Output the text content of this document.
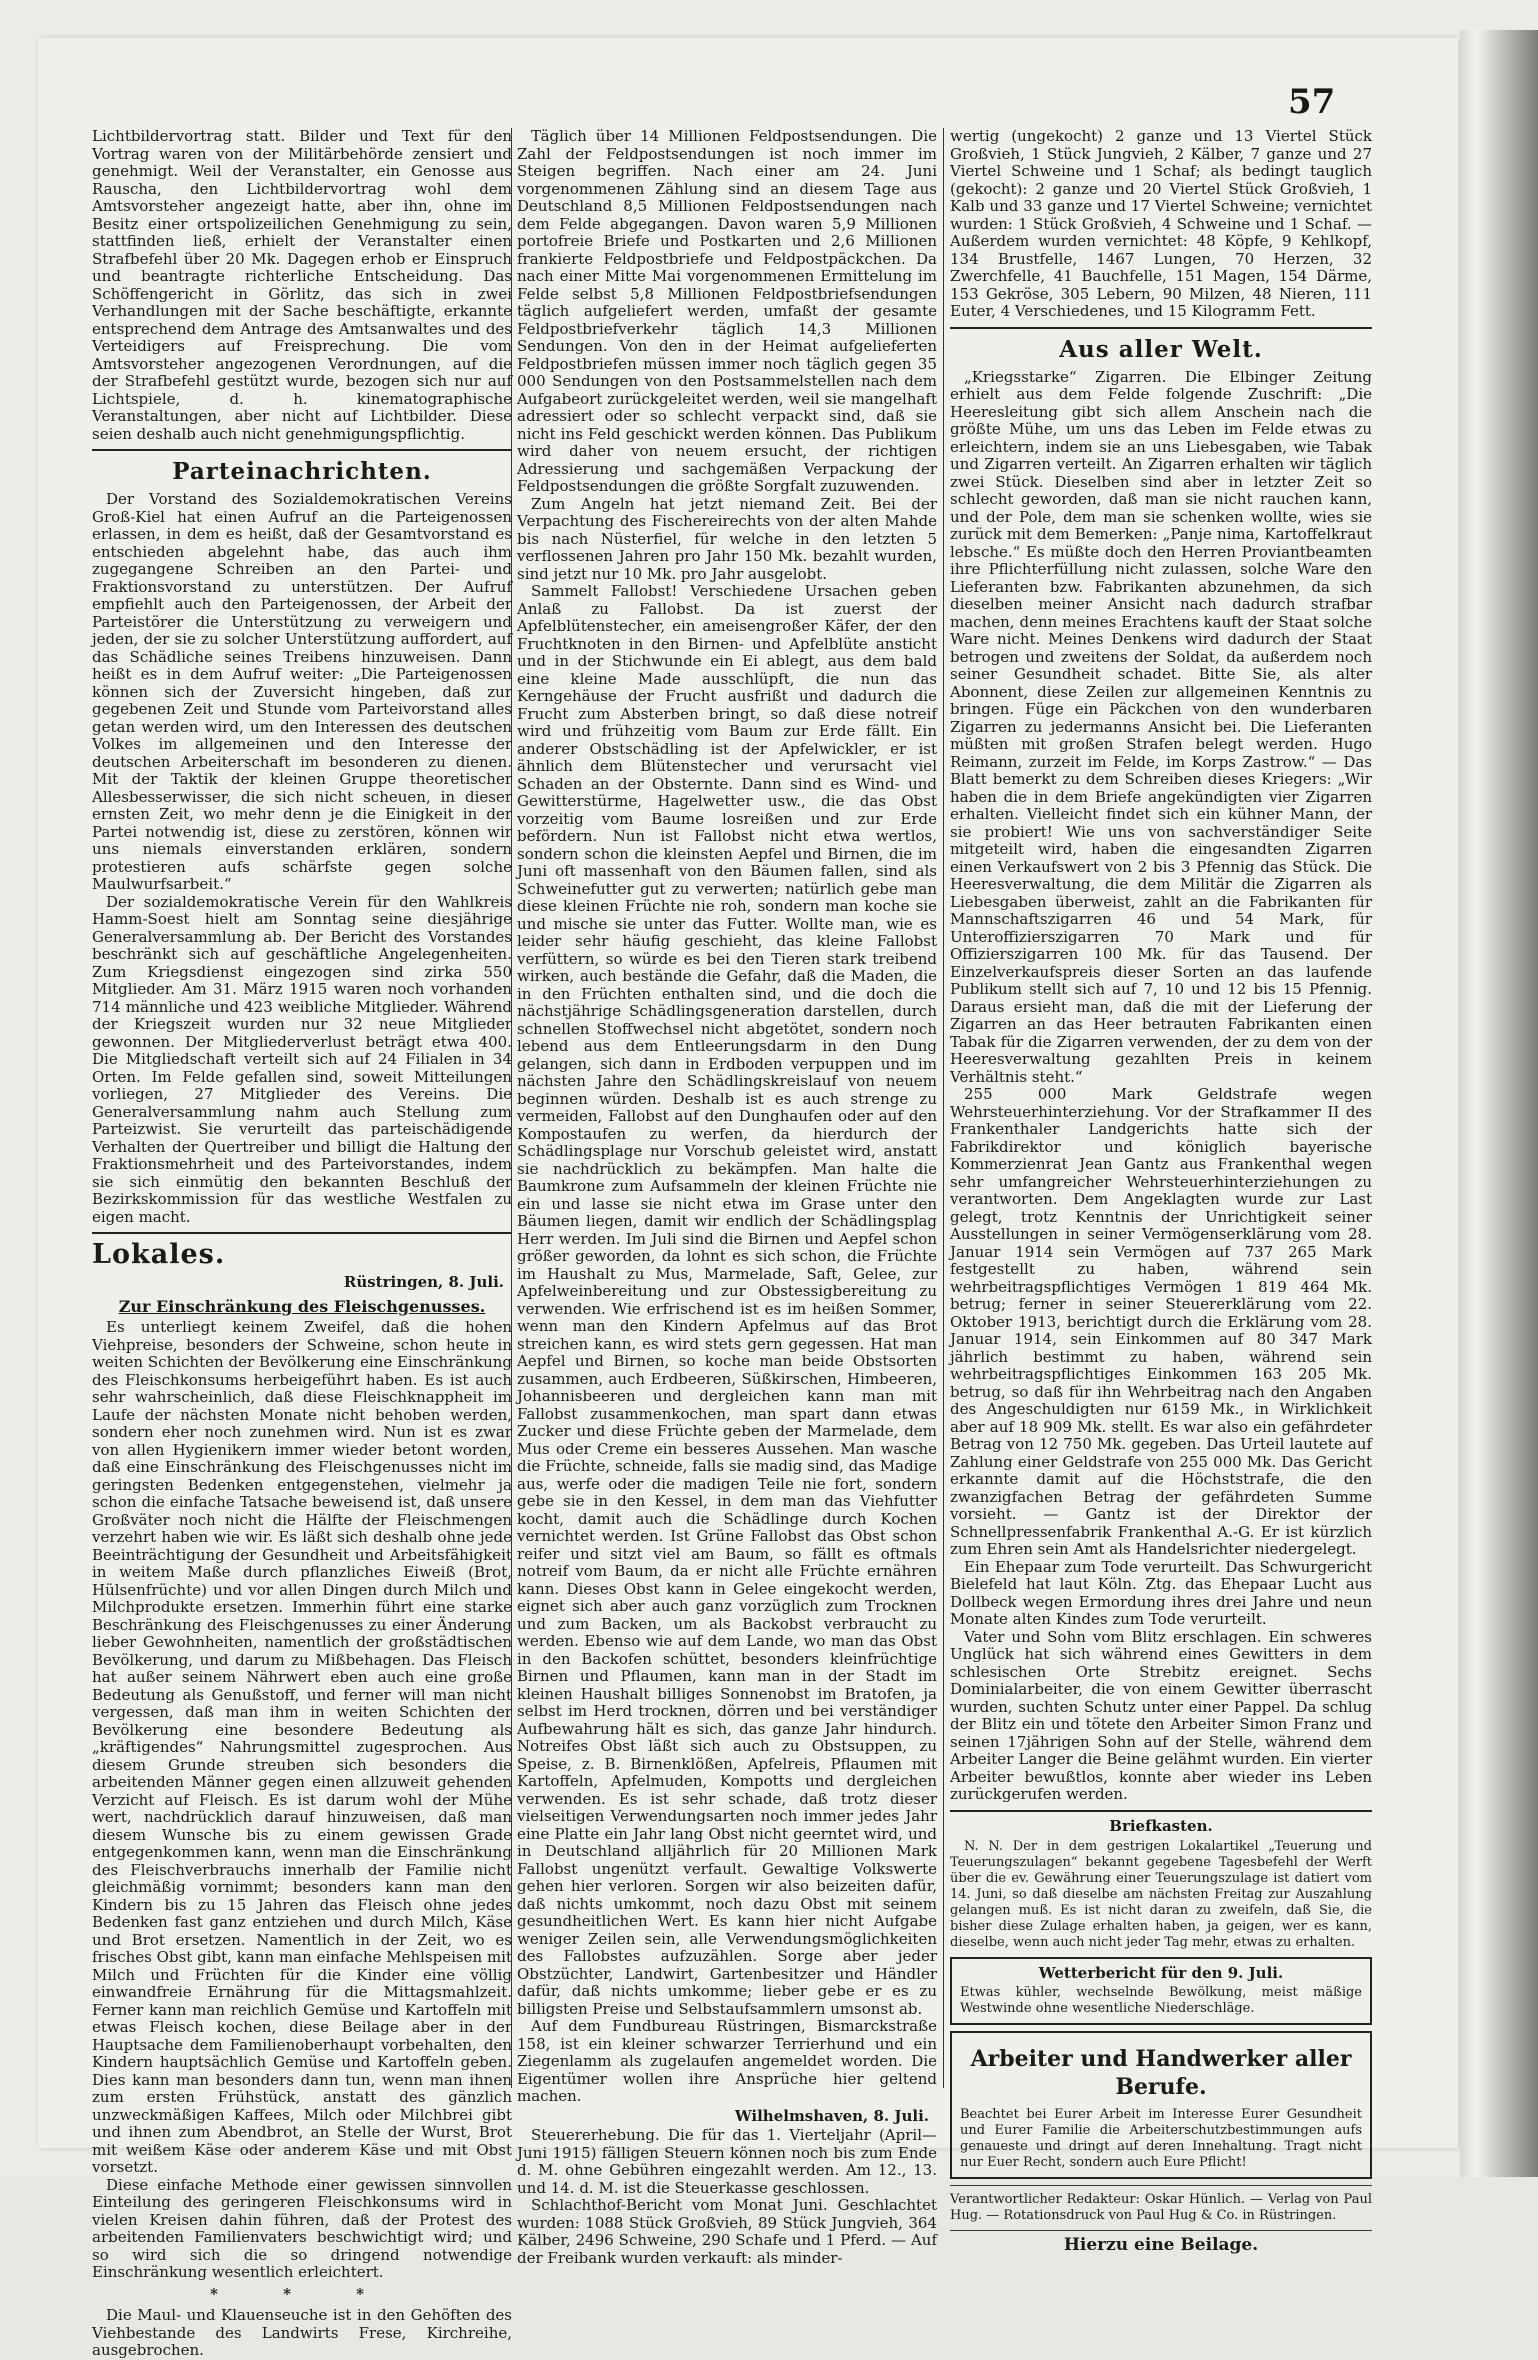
57

Lichtbildervortrag statt. Bilder und Text für den Vortrag waren von der Militärbehörde zensiert und genehmigt. Weil der Veranstalter, ein Genosse aus Rauscha, den Lichtbildervortrag wohl dem Amtsvorsteher angezeigt hatte, aber ihn, ohne im Besitz einer ortspolizeilichen Genehmigung zu sein, stattfinden ließ, erhielt der Veranstalter einen Strafbefehl über 20 Mk. Dagegen erhob er Einspruch und beantragte richterliche Entscheidung. Das Schöffengericht in Görlitz, das sich in zwei Verhandlungen mit der Sache beschäftigte, erkannte entsprechend dem Antrage des Amtsanwaltes und des Verteidigers auf Freisprechung. Die vom Amtsvorsteher angezogenen Verordnungen, auf die der Strafbefehl gestützt wurde, bezogen sich nur auf Lichtspiele, d. h. kinematographische Veranstaltungen, aber nicht auf Lichtbilder. Diese seien deshalb auch nicht genehmigungspflichtig.

Parteinachrichten.

Der Vorstand des Sozialdemokratischen Vereins Groß-Kiel hat einen Aufruf an die Parteigenossen erlassen, in dem es heißt, daß der Gesamtvorstand es entschieden abgelehnt habe, das auch ihm zugegangene Schreiben an den Partei- und Fraktionsvorstand zu unterstützen. Der Aufruf empfiehlt auch den Parteigenossen, der Arbeit der Parteistörer die Unterstützung zu verweigern und jeden, der sie zu solcher Unterstützung auffordert, auf das Schädliche seines Treibens hinzuweisen. Dann heißt es in dem Aufruf weiter: „Die Parteigenossen können sich der Zuversicht hingeben, daß zur gegebenen Zeit und Stunde vom Parteivorstand alles getan werden wird, um den Interessen des deutschen Volkes im allgemeinen und den Interesse der deutschen Arbeiterschaft im besonderen zu dienen. Mit der Taktik der kleinen Gruppe theoretischer Allesbesserwisser, die sich nicht scheuen, in dieser ernsten Zeit, wo mehr denn je die Einigkeit in der Partei notwendig ist, diese zu zerstören, können wir uns niemals einverstanden erklären, sondern protestieren aufs schärfste gegen solche Maulwurfsarbeit.“

Der sozialdemokratische Verein für den Wahlkreis Hamm-Soest hielt am Sonntag seine diesjährige Generalversammlung ab. Der Bericht des Vorstandes beschränkt sich auf geschäftliche Angelegenheiten. Zum Kriegsdienst eingezogen sind zirka 550 Mitglieder. Am 31. März 1915 waren noch vorhanden 714 männliche und 423 weibliche Mitglieder. Während der Kriegszeit wurden nur 32 neue Mitglieder gewonnen. Der Mitgliederverlust beträgt etwa 400. Die Mitgliedschaft verteilt sich auf 24 Filialen in 34 Orten. Im Felde gefallen sind, soweit Mitteilungen vorliegen, 27 Mitglieder des Vereins. Die Generalversammlung nahm auch Stellung zum Parteizwist. Sie verurteilt das parteischädigende Verhalten der Quertreiber und billigt die Haltung der Fraktionsmehrheit und des Parteivorstandes, indem sie sich einmütig den bekannten Beschluß der Bezirkskommission für das westliche Westfalen zu eigen macht.

Lokales.
Rüstringen, 8. Juli.
Zur Einschränkung des Fleischgenusses.

Es unterliegt keinem Zweifel, daß die hohen Viehpreise, besonders der Schweine, schon heute in weiten Schichten der Bevölkerung eine Einschränkung des Fleischkonsums herbeigeführt haben. Es ist auch sehr wahrscheinlich, daß diese Fleischknappheit im Laufe der nächsten Monate nicht behoben werden, sondern eher noch zunehmen wird. Nun ist es zwar von allen Hygienikern immer wieder betont worden, daß eine Einschränkung des Fleischgenusses nicht im geringsten Bedenken entgegenstehen, vielmehr ja schon die einfache Tatsache beweisend ist, daß unsere Großväter noch nicht die Hälfte der Fleischmengen verzehrt haben wie wir. Es läßt sich deshalb ohne jede Beeinträchtigung der Gesundheit und Arbeitsfähigkeit in weitem Maße durch pflanzliches Eiweiß (Brot, Hülsenfrüchte) und vor allen Dingen durch Milch und Milchprodukte ersetzen. Immerhin führt eine starke Beschränkung des Fleischgenusses zu einer Änderung lieber Gewohnheiten, namentlich der großstädtischen Bevölkerung, und darum zu Mißbehagen. Das Fleisch hat außer seinem Nährwert eben auch eine große Bedeutung als Genußstoff, und ferner will man nicht vergessen, daß man ihm in weiten Schichten der Bevölkerung eine besondere Bedeutung als „kräftigendes“ Nahrungsmittel zugesprochen. Aus diesem Grunde streuben sich besonders die arbeitenden Männer gegen einen allzuweit gehenden Verzicht auf Fleisch. Es ist darum wohl der Mühe wert, nachdrücklich darauf hinzuweisen, daß man diesem Wunsche bis zu einem gewissen Grade entgegenkommen kann, wenn man die Einschränkung des Fleischverbrauchs innerhalb der Familie nicht gleichmäßig vornimmt; besonders kann man den Kindern bis zu 15 Jahren das Fleisch ohne jedes Bedenken fast ganz entziehen und durch Milch, Käse und Brot ersetzen. Namentlich in der Zeit, wo es frisches Obst gibt, kann man einfache Mehlspeisen mit Milch und Früchten für die Kinder eine völlig einwandfreie Ernährung für die Mittagsmahlzeit. Ferner kann man reichlich Gemüse und Kartoffeln mit etwas Fleisch kochen, diese Beilage aber in der Hauptsache dem Familienoberhaupt vorbehalten, den Kindern hauptsächlich Gemüse und Kartoffeln geben. Dies kann man besonders dann tun, wenn man ihnen zum ersten Frühstück, anstatt des gänzlich unzweckmäßigen Kaffees, Milch oder Milchbrei gibt und ihnen zum Abendbrot, an Stelle der Wurst, Brot mit weißem Käse oder anderem Käse und mit Obst vorsetzt.

Diese einfache Methode einer gewissen sinnvollen Einteilung des geringeren Fleischkonsums wird in vielen Kreisen dahin führen, daß der Protest des arbeitenden Familienvaters beschwichtigt wird; und so wird sich die so dringend notwendige Einschränkung wesentlich erleichtert.

* * *

Die Maul- und Klauenseuche ist in den Gehöften des Viehbestande des Landwirts Frese, Kirchreihe, ausgebrochen.

Täglich über 14 Millionen Feldpostsendungen. Die Zahl der Feldpostsendungen ist noch immer im Steigen begriffen. Nach einer am 24. Juni vorgenommenen Zählung sind an diesem Tage aus Deutschland 8,5 Millionen Feldpostsendungen nach dem Felde abgegangen. Davon waren 5,9 Millionen portofreie Briefe und Postkarten und 2,6 Millionen frankierte Feldpostbriefe und Feldpostpäckchen. Da nach einer Mitte Mai vorgenommenen Ermittelung im Felde selbst 5,8 Millionen Feldpostbriefsendungen täglich aufgeliefert werden, umfaßt der gesamte Feldpostbriefverkehr täglich 14,3 Millionen Sendungen. Von den in der Heimat aufgelieferten Feldpostbriefen müssen immer noch täglich gegen 35 000 Sendungen von den Postsammelstellen nach dem Aufgabeort zurückgeleitet werden, weil sie mangelhaft adressiert oder so schlecht verpackt sind, daß sie nicht ins Feld geschickt werden können. Das Publikum wird daher von neuem ersucht, der richtigen Adressierung und sachgemäßen Verpackung der Feldpostsendungen die größte Sorgfalt zuzuwenden.

Zum Angeln hat jetzt niemand Zeit. Bei der Verpachtung des Fischereirechts von der alten Mahde bis nach Nüsterfiel, für welche in den letzten 5 verflossenen Jahren pro Jahr 150 Mk. bezahlt wurden, sind jetzt nur 10 Mk. pro Jahr ausgelobt.

Sammelt Fallobst! Verschiedene Ursachen geben Anlaß zu Fallobst. Da ist zuerst der Apfelblütenstecher, ein ameisengroßer Käfer, der den Fruchtknoten in den Birnen- und Apfelblüte ansticht und in der Stichwunde ein Ei ablegt, aus dem bald eine kleine Made ausschlüpft, die nun das Kerngehäuse der Frucht ausfrißt und dadurch die Frucht zum Absterben bringt, so daß diese notreif wird und frühzeitig vom Baum zur Erde fällt. Ein anderer Obstschädling ist der Apfelwickler, er ist ähnlich dem Blütenstecher und verursacht viel Schaden an der Obsternte. Dann sind es Wind- und Gewitterstürme, Hagelwetter usw., die das Obst vorzeitig vom Baume losreißen und zur Erde befördern. Nun ist Fallobst nicht etwa wertlos, sondern schon die kleinsten Aepfel und Birnen, die im Juni oft massenhaft von den Bäumen fallen, sind als Schweinefutter gut zu verwerten; natürlich gebe man diese kleinen Früchte nie roh, sondern man koche sie und mische sie unter das Futter. Wollte man, wie es leider sehr häufig geschieht, das kleine Fallobst verfüttern, so würde es bei den Tieren stark treibend wirken, auch bestände die Gefahr, daß die Maden, die in den Früchten enthalten sind, und die doch die nächstjährige Schädlingsgeneration darstellen, durch schnellen Stoffwechsel nicht abgetötet, sondern noch lebend aus dem Entleerungsdarm in den Dung gelangen, sich dann in Erdboden verpuppen und im nächsten Jahre den Schädlingskreislauf von neuem beginnen würden. Deshalb ist es auch strenge zu vermeiden, Fallobst auf den Dunghaufen oder auf den Kompostaufen zu werfen, da hierdurch der Schädlingsplage nur Vorschub geleistet wird, anstatt sie nachdrücklich zu bekämpfen. Man halte die Baumkrone zum Aufsammeln der kleinen Früchte nie ein und lasse sie nicht etwa im Grase unter den Bäumen liegen, damit wir endlich der Schädlingsplag Herr werden. Im Juli sind die Birnen und Aepfel schon größer geworden, da lohnt es sich schon, die Früchte im Haushalt zu Mus, Marmelade, Saft, Gelee, zur Apfelweinbereitung und zur Obstessigbereitung zu verwenden. Wie erfrischend ist es im heißen Sommer, wenn man den Kindern Apfelmus auf das Brot streichen kann, es wird stets gern gegessen. Hat man Aepfel und Birnen, so koche man beide Obstsorten zusammen, auch Erdbeeren, Süßkirschen, Himbeeren, Johannisbeeren und dergleichen kann man mit Fallobst zusammenkochen, man spart dann etwas Zucker und diese Früchte geben der Marmelade, dem Mus oder Creme ein besseres Aussehen. Man wasche die Früchte, schneide, falls sie madig sind, das Madige aus, werfe oder die madigen Teile nie fort, sondern gebe sie in den Kessel, in dem man das Viehfutter kocht, damit auch die Schädlinge durch Kochen vernichtet werden. Ist Grüne Fallobst das Obst schon reifer und sitzt viel am Baum, so fällt es oftmals notreif vom Baum, da er nicht alle Früchte ernähren kann. Dieses Obst kann in Gelee eingekocht werden, eignet sich aber auch ganz vorzüglich zum Trocknen und zum Backen, um als Backobst verbraucht zu werden. Ebenso wie auf dem Lande, wo man das Obst in den Backofen schüttet, besonders kleinfrüchtige Birnen und Pflaumen, kann man in der Stadt im kleinen Haushalt billiges Sonnenobst im Bratofen, ja selbst im Herd trocknen, dörren und bei verständiger Aufbewahrung hält es sich, das ganze Jahr hindurch. Notreifes Obst läßt sich auch zu Obstsuppen, zu Speise, z. B. Birnenklößen, Apfelreis, Pflaumen mit Kartoffeln, Apfelmuden, Kompotts und dergleichen verwenden. Es ist sehr schade, daß trotz dieser vielseitigen Verwendungsarten noch immer jedes Jahr eine Platte ein Jahr lang Obst nicht geerntet wird, und in Deutschland alljährlich für 20 Millionen Mark Fallobst ungenützt verfault. Gewaltige Volkswerte gehen hier verloren. Sorgen wir also beizeiten dafür, daß nichts umkommt, noch dazu Obst mit seinem gesundheitlichen Wert. Es kann hier nicht Aufgabe weniger Zeilen sein, alle Verwendungsmöglichkeiten des Fallobstes aufzuzählen. Sorge aber jeder Obstzüchter, Landwirt, Gartenbesitzer und Händler dafür, daß nichts umkomme; lieber gebe er es zu billigsten Preise und Selbstaufsammlern umsonst ab.

Auf dem Fundbureau Rüstringen, Bismarckstraße 158, ist ein kleiner schwarzer Terrierhund und ein Ziegenlamm als zugelaufen angemeldet worden. Die Eigentümer wollen ihre Ansprüche hier geltend machen.

Wilhelmshaven, 8. Juli.

Steuererhebung. Die für das 1. Vierteljahr (April—Juni 1915) fälligen Steuern können noch bis zum Ende d. M. ohne Gebühren eingezahlt werden. Am 12., 13. und 14. d. M. ist die Steuerkasse geschlossen.

Schlachthof-Bericht vom Monat Juni. Geschlachtet wurden: 1088 Stück Großvieh, 89 Stück Jungvieh, 364 Kälber, 2496 Schweine, 290 Schafe und 1 Pferd. — Auf der Freibank wurden verkauft: als minder-

wertig (ungekocht) 2 ganze und 13 Viertel Stück Großvieh, 1 Stück Jungvieh, 2 Kälber, 7 ganze und 27 Viertel Schweine und 1 Schaf; als bedingt tauglich (gekocht): 2 ganze und 20 Viertel Stück Großvieh, 1 Kalb und 33 ganze und 17 Viertel Schweine; vernichtet wurden: 1 Stück Großvieh, 4 Schweine und 1 Schaf. — Außerdem wurden vernichtet: 48 Köpfe, 9 Kehlkopf, 134 Brustfelle, 1467 Lungen, 70 Herzen, 32 Zwerchfelle, 41 Bauchfelle, 151 Magen, 154 Därme, 153 Gekröse, 305 Lebern, 90 Milzen, 48 Nieren, 111 Euter, 4 Verschiedenes, und 15 Kilogramm Fett.

Aus aller Welt.

„Kriegsstarke“ Zigarren. Die Elbinger Zeitung erhielt aus dem Felde folgende Zuschrift: „Die Heeresleitung gibt sich allem Anschein nach die größte Mühe, um uns das Leben im Felde etwas zu erleichtern, indem sie an uns Liebesgaben, wie Tabak und Zigarren verteilt. An Zigarren erhalten wir täglich zwei Stück. Dieselben sind aber in letzter Zeit so schlecht geworden, daß man sie nicht rauchen kann, und der Pole, dem man sie schenken wollte, wies sie zurück mit dem Bemerken: „Panje nima, Kartoffelkraut lebsche.“ Es müßte doch den Herren Proviantbeamten ihre Pflichterfüllung nicht zulassen, solche Ware den Lieferanten bzw. Fabrikanten abzunehmen, da sich dieselben meiner Ansicht nach dadurch strafbar machen, denn meines Erachtens kauft der Staat solche Ware nicht. Meines Denkens wird dadurch der Staat betrogen und zweitens der Soldat, da außerdem noch seiner Gesundheit schadet. Bitte Sie, als alter Abonnent, diese Zeilen zur allgemeinen Kenntnis zu bringen. Füge ein Päckchen von den wunderbaren Zigarren zu jedermanns Ansicht bei. Die Lieferanten müßten mit großen Strafen belegt werden. Hugo Reimann, zurzeit im Felde, im Korps Zastrow.“ — Das Blatt bemerkt zu dem Schreiben dieses Kriegers: „Wir haben die in dem Briefe angekündigten vier Zigarren erhalten. Vielleicht findet sich ein kühner Mann, der sie probiert! Wie uns von sachverständiger Seite mitgeteilt wird, haben die eingesandten Zigarren einen Verkaufswert von 2 bis 3 Pfennig das Stück. Die Heeresverwaltung, die dem Militär die Zigarren als Liebesgaben überweist, zahlt an die Fabrikanten für Mannschaftszigarren 46 und 54 Mark, für Unteroffizierszigarren 70 Mark und für Offizierszigarren 100 Mk. für das Tausend. Der Einzelverkaufspreis dieser Sorten an das laufende Publikum stellt sich auf 7, 10 und 12 bis 15 Pfennig. Daraus ersieht man, daß die mit der Lieferung der Zigarren an das Heer betrauten Fabrikanten einen Tabak für die Zigarren verwenden, der zu dem von der Heeresverwaltung gezahlten Preis in keinem Verhältnis steht.“

255 000 Mark Geldstrafe wegen Wehrsteuerhinterziehung. Vor der Strafkammer II des Frankenthaler Landgerichts hatte sich der Fabrikdirektor und königlich bayerische Kommerzienrat Jean Gantz aus Frankenthal wegen sehr umfangreicher Wehrsteuerhinterziehungen zu verantworten. Dem Angeklagten wurde zur Last gelegt, trotz Kenntnis der Unrichtigkeit seiner Ausstellungen in seiner Vermögenserklärung vom 28. Januar 1914 sein Vermögen auf 737 265 Mark festgestellt zu haben, während sein wehrbeitragspflichtiges Vermögen 1 819 464 Mk. betrug; ferner in seiner Steuererklärung vom 22. Oktober 1913, berichtigt durch die Erklärung vom 28. Januar 1914, sein Einkommen auf 80 347 Mark jährlich bestimmt zu haben, während sein wehrbeitragspflichtiges Einkommen 163 205 Mk. betrug, so daß für ihn Wehrbeitrag nach den Angaben des Angeschuldigten nur 6159 Mk., in Wirklichkeit aber auf 18 909 Mk. stellt. Es war also ein gefährdeter Betrag von 12 750 Mk. gegeben. Das Urteil lautete auf Zahlung einer Geldstrafe von 255 000 Mk. Das Gericht erkannte damit auf die Höchststrafe, die den zwanzigfachen Betrag der gefährdeten Summe vorsieht. — Gantz ist der Direktor der Schnellpressenfabrik Frankenthal A.-G. Er ist kürzlich zum Ehren sein Amt als Handelsrichter niedergelegt.

Ein Ehepaar zum Tode verurteilt. Das Schwurgericht Bielefeld hat laut Köln. Ztg. das Ehepaar Lucht aus Dollbeck wegen Ermordung ihres drei Jahre und neun Monate alten Kindes zum Tode verurteilt.

Vater und Sohn vom Blitz erschlagen. Ein schweres Unglück hat sich während eines Gewitters in dem schlesischen Orte Strebitz ereignet. Sechs Dominialarbeiter, die von einem Gewitter überrascht wurden, suchten Schutz unter einer Pappel. Da schlug der Blitz ein und tötete den Arbeiter Simon Franz und seinen 17jährigen Sohn auf der Stelle, während dem Arbeiter Langer die Beine gelähmt wurden. Ein vierter Arbeiter bewußtlos, konnte aber wieder ins Leben zurückgerufen werden.

Briefkasten.

N. N. Der in dem gestrigen Lokalartikel „Teuerung und Teuerungszulagen“ bekannt gegebene Tagesbefehl der Werft über die ev. Gewährung einer Teuerungszulage ist datiert vom 14. Juni, so daß dieselbe am nächsten Freitag zur Auszahlung gelangen muß. Es ist nicht daran zu zweifeln, daß Sie, die bisher diese Zulage erhalten haben, ja geigen, wer es kann, dieselbe, wenn auch nicht jeder Tag mehr, etwas zu erhalten.

Wetterbericht für den 9. Juli.

Etwas kühler, wechselnde Bewölkung, meist mäßige Westwinde ohne wesentliche Niederschläge.

Arbeiter und Handwerker aller Berufe.

Beachtet bei Eurer Arbeit im Interesse Eurer Gesundheit und Eurer Familie die Arbeiterschutzbestimmungen aufs genaueste und dringt auf deren Innehaltung. Tragt nicht nur Euer Recht, sondern auch Eure Pflicht!

Verantwortlicher Redakteur: Oskar Hünlich. — Verlag von Paul Hug. — Rotationsdruck von Paul Hug & Co. in Rüstringen.

Hierzu eine Beilage.
